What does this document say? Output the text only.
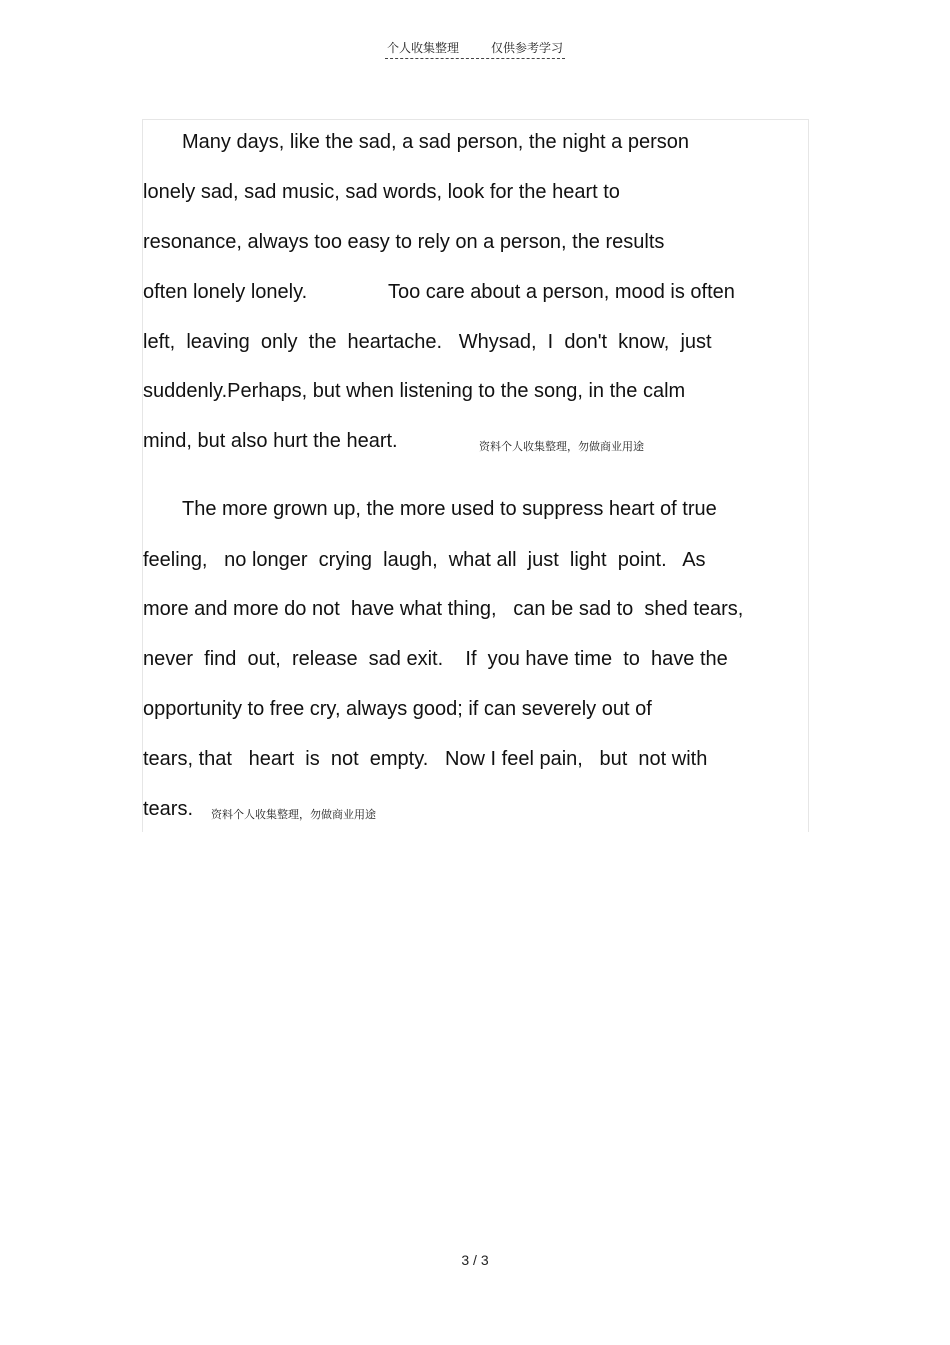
个人收集整理	仅供参考学习
Many days, like the sad, a sad person, the night a person
lonely sad, sad music, sad words, look for the heart to
resonance, always too easy to rely on a person, the results
often lonely lonely.	Too care about a person, mood is often
left,  leaving  only  the  heartache.   Whysad,  I  don't  know,  just
suddenly.Perhaps, but when listening to the song, in the calm
mind, but also hurt the heart.	资料个人收集整理，勿做商业用途
The more grown up, the more used to suppress heart of true
feeling,   no longer  crying  laugh,  what all  just  light  point.   As
more and more do not  have what thing,   can be sad to  shed tears,
never  find  out,  release  sad exit.    If  you have time  to  have the
opportunity to free cry, always good; if can severely out of
tears, that   heart  is  not  empty.   Now I feel pain,   but  not with
tears. 资料个人收集整理，勿做商业用途
3 / 3
